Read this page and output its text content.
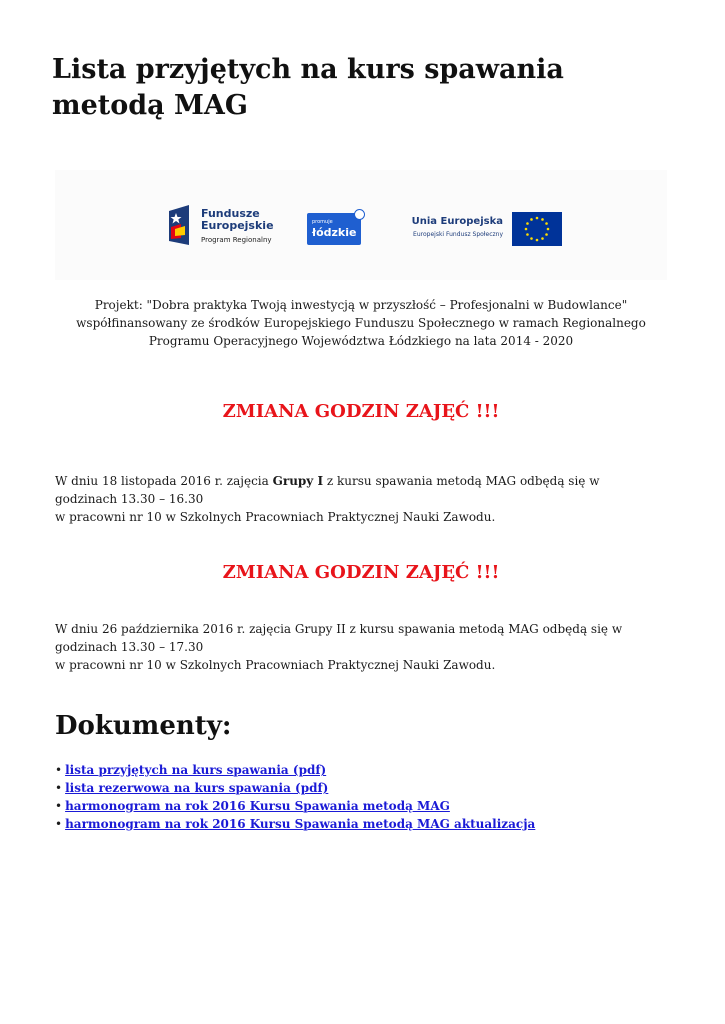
Lista przyjętych na kurs spawania metodą MAG
Fundusze
Europejskie
Program Regionalny
promuje
łódzkie
Unia Europejska
Europejski Fundusz Społeczny

Projekt: "Dobra praktyka Twoją inwestycją w przyszłość – Profesjonalni w Budowlance"
współfinansowany ze środków Europejskiego Funduszu Społecznego w ramach Regionalnego
Programu Operacyjnego Województwa Łódzkiego na lata 2014 - 2020

ZMIANA GODZIN ZAJĘĆ !!!

W dniu 18 listopada 2016 r. zajęcia Grupy I z kursu spawania metodą MAG odbędą się w
godzinach 13.30 – 16.30
w pracowni nr 10 w Szkolnych Pracowniach Praktycznej Nauki Zawodu.

ZMIANA GODZIN ZAJĘĆ !!!

W dniu 26 października 2016 r. zajęcia Grupy II z kursu spawania metodą MAG odbędą się w
godzinach 13.30 – 17.30
w pracowni nr 10 w Szkolnych Pracowniach Praktycznej Nauki Zawodu.

Dokumenty:
• lista przyjętych na kurs spawania (pdf)
• lista rezerwowa na kurs spawania (pdf)
• harmonogram na rok 2016 Kursu Spawania metodą MAG
• harmonogram na rok 2016 Kursu Spawania metodą MAG aktualizacja
